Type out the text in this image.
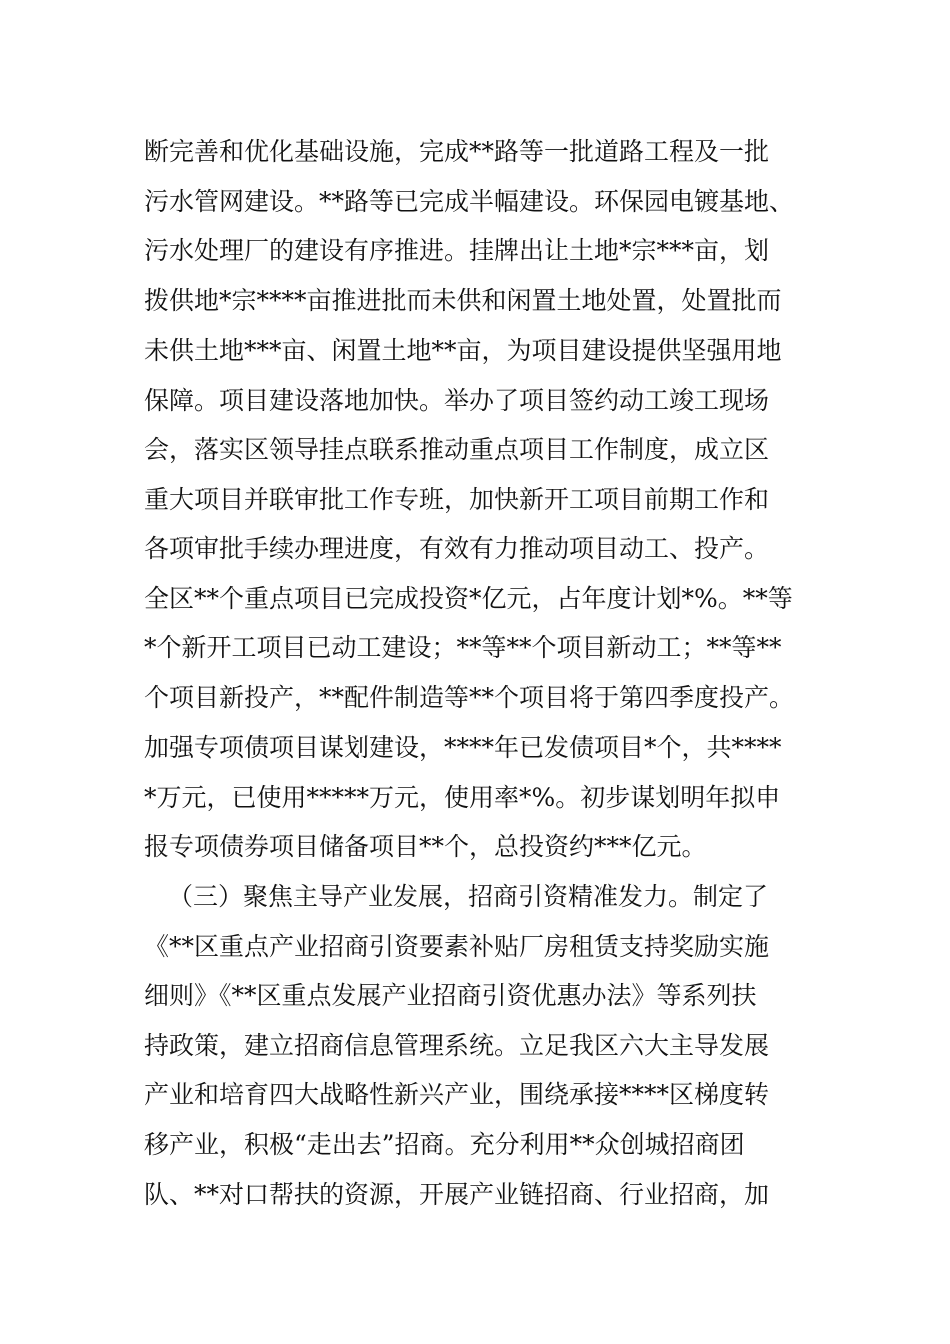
断完善和优化基础设施，完成**路等一批道路工程及一批
污水管网建设。**路等已完成半幅建设。环保园电镀基地、
污水处理厂的建设有序推进。挂牌出让土地*宗***亩，划
拨供地*宗****亩推进批而未供和闲置土地处置，处置批而
未供土地***亩、闲置土地**亩，为项目建设提供坚强用地
保障。项目建设落地加快。举办了项目签约动工竣工现场
会，落实区领导挂点联系推动重点项目工作制度，成立区
重大项目并联审批工作专班，加快新开工项目前期工作和
各项审批手续办理进度，有效有力推动项目动工、投产。
全区**个重点项目已完成投资*亿元，占年度计划*%。**等
*个新开工项目已动工建设；**等**个项目新动工；**等**
个项目新投产，**配件制造等**个项目将于第四季度投产。
加强专项债项目谋划建设，****年已发债项目*个，共****
*万元，已使用*****万元，使用率*%。初步谋划明年拟申
报专项债券项目储备项目**个，总投资约***亿元。
（三）聚焦主导产业发展，招商引资精准发力。制定了
《**区重点产业招商引资要素补贴厂房租赁支持奖励实施
细则》《**区重点发展产业招商引资优惠办法》等系列扶
持政策，建立招商信息管理系统。立足我区六大主导发展
产业和培育四大战略性新兴产业，围绕承接****区梯度转
移产业，积极“走出去”招商。充分利用**众创城招商团
队、**对口帮扶的资源，开展产业链招商、行业招商，加
